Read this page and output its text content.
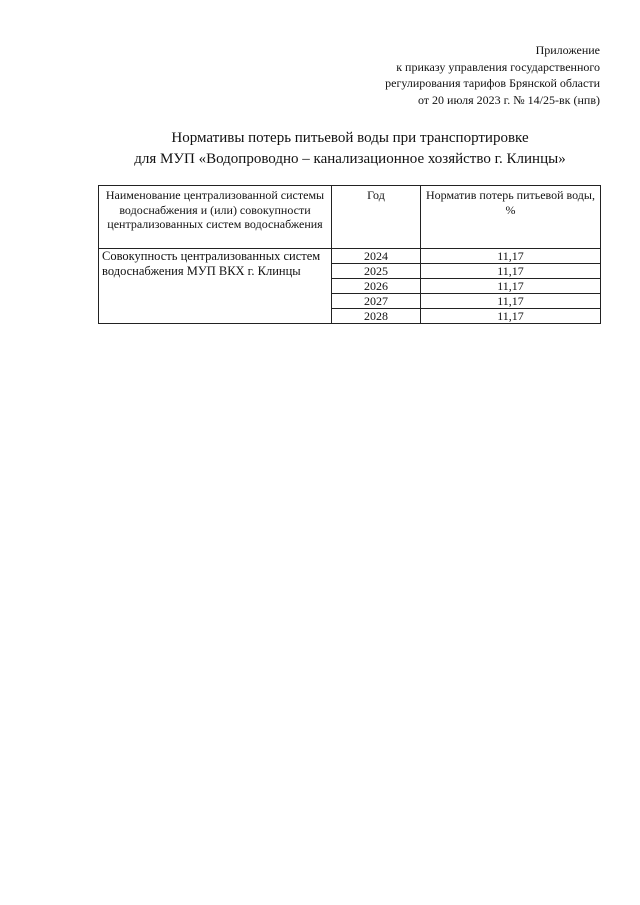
Приложение
к приказу управления государственного
регулирования тарифов Брянской области
от 20 июля 2023 г. № 14/25-вк (нпв)
Нормативы потерь питьевой воды при транспортировке
для МУП «Водопроводно – канализационное хозяйство г. Клинцы»
Наименование централизованной системы водоснабжения и (или) совокупности централизованных систем водоснабжения	Год	Норматив потерь питьевой воды, %
Совокупность централизованных систем водоснабжения МУП ВКХ г. Клинцы	2024	11,17
	2025	11,17
	2026	11,17
	2027	11,17
	2028	11,17
